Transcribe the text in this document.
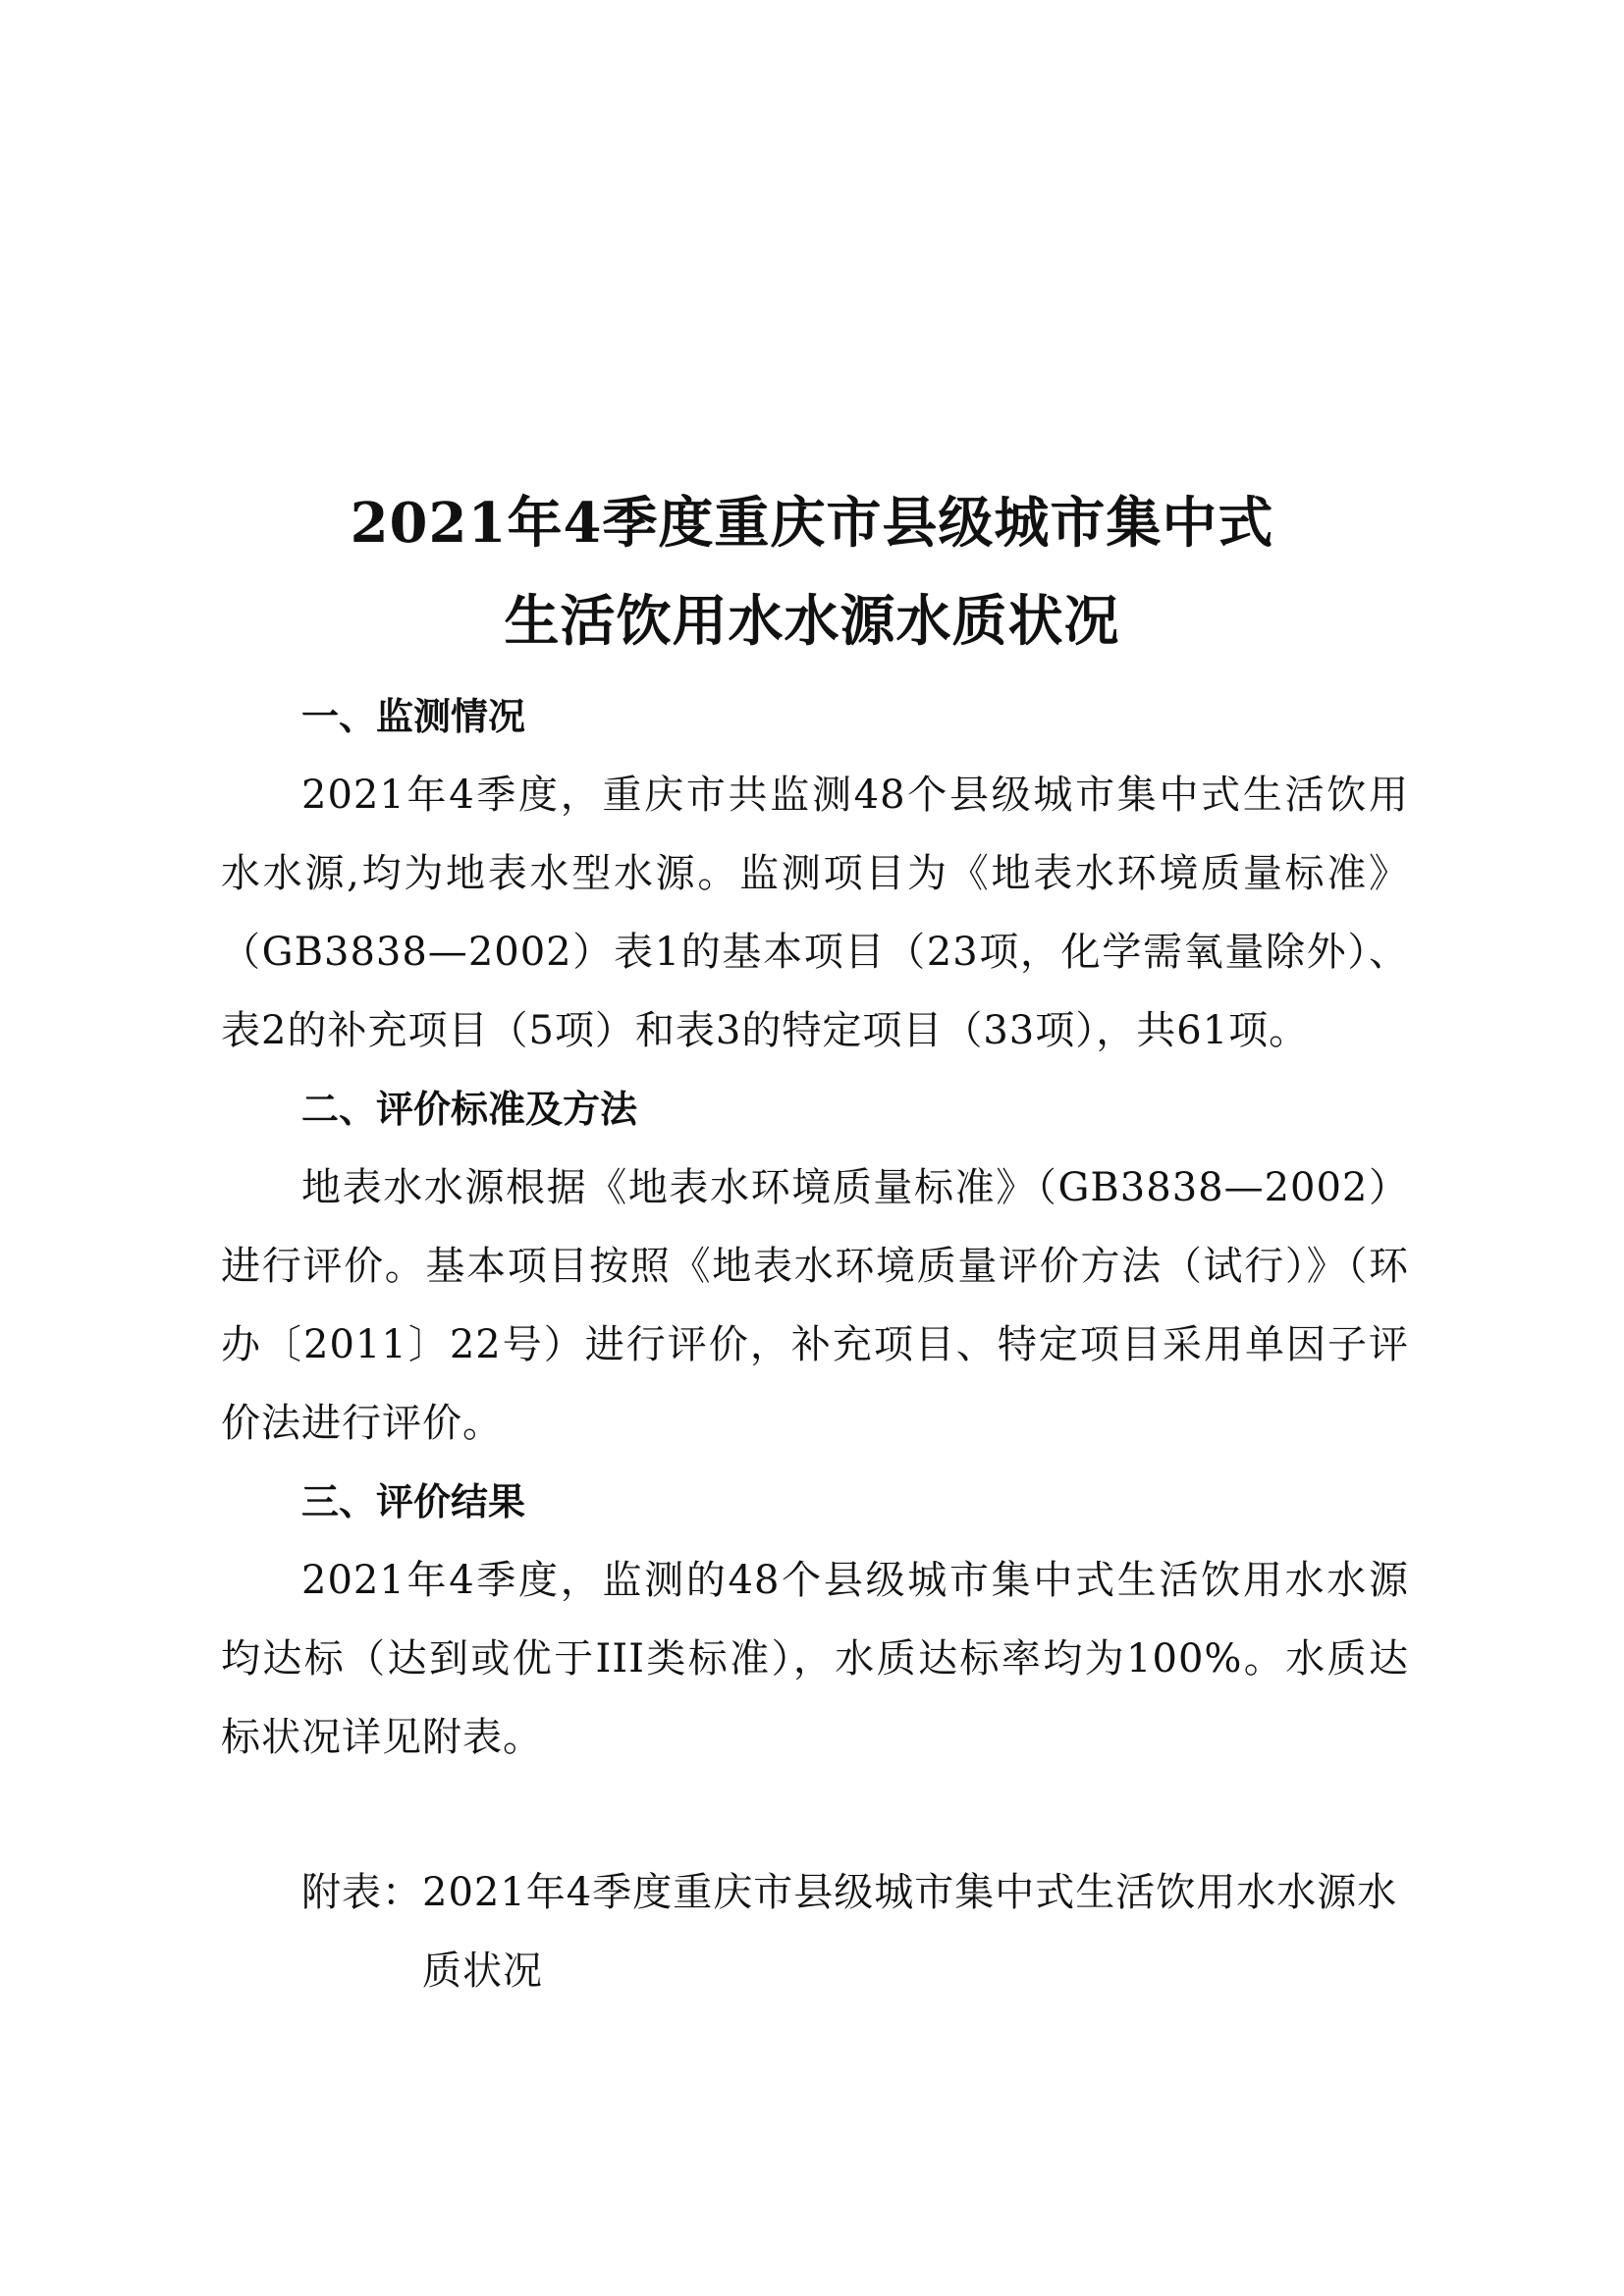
2021年4季度重庆市县级城市集中式
生活饮用水水源水质状况

一、监测情况

2021年4季度，重庆市共监测48个县级城市集中式生活饮用水水源,均为地表水型水源。监测项目为《地表水环境质量标准》（GB3838—2002）表1的基本项目（23项，化学需氧量除外）、表2的补充项目（5项）和表3的特定项目（33项），共61项。

二、评价标准及方法

地表水水源根据《地表水环境质量标准》（GB3838—2002）进行评价。基本项目按照《地表水环境质量评价方法（试行）》（环办〔2011〕22号）进行评价，补充项目、特定项目采用单因子评价法进行评价。

三、评价结果

2021年4季度，监测的48个县级城市集中式生活饮用水水源均达标（达到或优于III类标准），水质达标率均为100%。水质达标状况详见附表。

附表： 2021年4季度重庆市县级城市集中式生活饮用水水源水质状况
